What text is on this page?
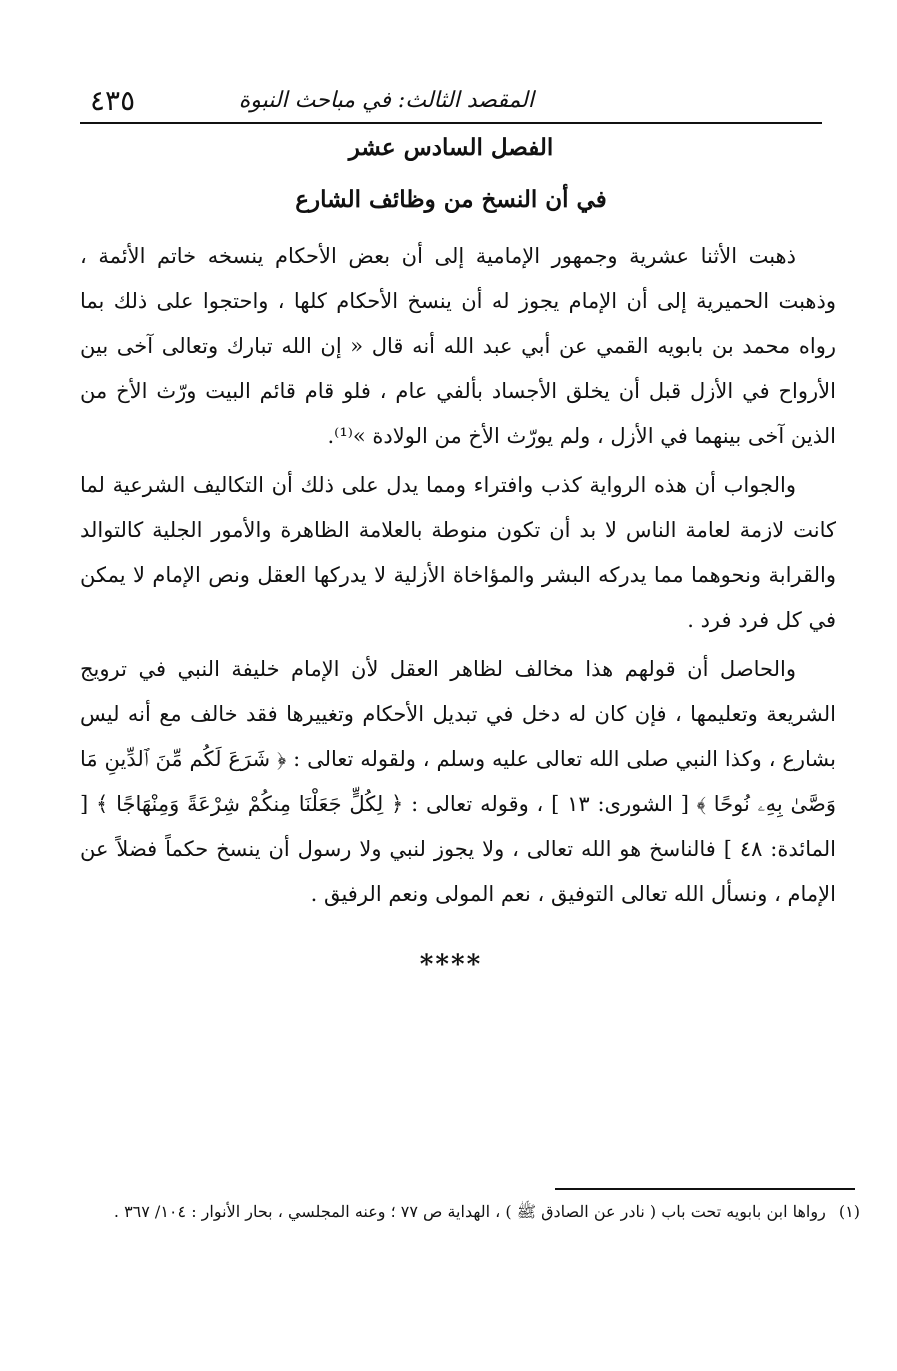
المقصد الثالث: في مباحث النبوة
٤٣٥
الفصل السادس عشر
في أن النسخ من وظائف الشارع

ذهبت الأثنا عشرية وجمهور الإمامية إلى أن بعض الأحكام ينسخه خاتم الأئمة ، وذهبت الحميرية إلى أن الإمام يجوز له أن ينسخ الأحكام كلها ، واحتجوا على ذلك بما رواه محمد بن بابويه القمي عن أبي عبد الله أنه قال « إن الله تبارك وتعالى آخى بين الأرواح في الأزل قبل أن يخلق الأجساد بألفي عام ، فلو قام قائم البيت ورّث الأخ من الذين آخى بينهما في الأزل ، ولم يورّث الأخ من الولادة »⁽¹⁾.

والجواب أن هذه الرواية كذب وافتراء ومما يدل على ذلك أن التكاليف الشرعية لما كانت لازمة لعامة الناس لا بد أن تكون منوطة بالعلامة الظاهرة والأمور الجلية كالتوالد والقرابة ونحوهما مما يدركه البشر والمؤاخاة الأزلية لا يدركها العقل ونص الإمام لا يمكن في كل فرد فرد .

والحاصل أن قولهم هذا مخالف لظاهر العقل لأن الإمام خليفة النبي في ترويج الشريعة وتعليمها ، فإن كان له دخل في تبديل الأحكام وتغييرها فقد خالف مع أنه ليس بشارع ، وكذا النبي صلى الله تعالى عليه وسلم ، ولقوله تعالى : ﴿ شَرَعَ لَكُم مِّنَ ٱلدِّينِ مَا وَصَّىٰ بِهِۦ نُوحًا ﴾ [ الشورى: ١٣ ] ، وقوله تعالى : ﴿ لِكُلٍّ جَعَلْنَا مِنكُمْ شِرْعَةً وَمِنْهَاجًا ﴾ [ المائدة: ٤٨ ] فالناسخ هو الله تعالى ، ولا يجوز لنبي ولا رسول أن ينسخ حكماً فضلاً عن الإمام ، ونسأل الله تعالى التوفيق ، نعم المولى ونعم الرفيق .

****
(١) رواها ابن بابويه تحت باب ( نادر عن الصادق ﷺ ) ، الهداية ص ٧٧ ؛ وعنه المجلسي ، بحار الأنوار : ١٠٤/ ٣٦٧ .
